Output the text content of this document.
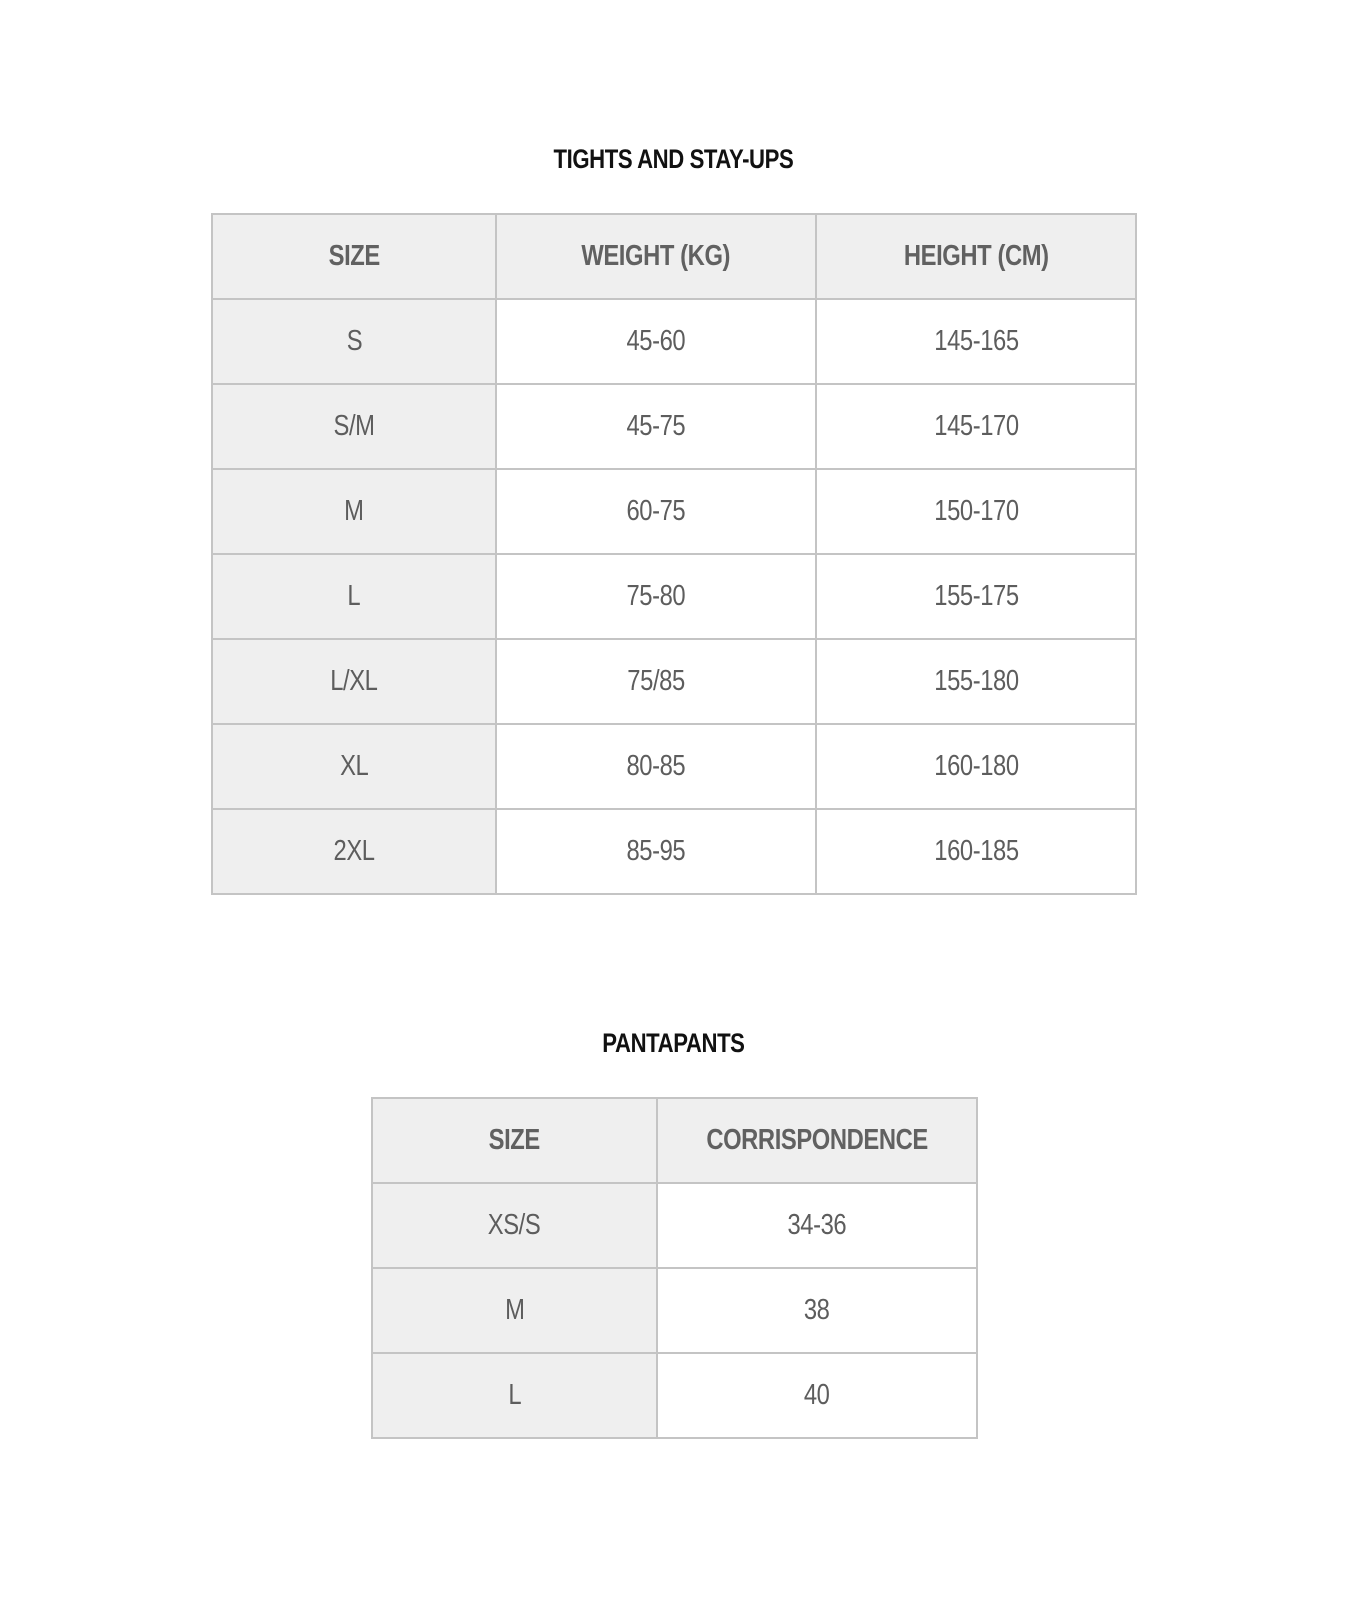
TIGHTS AND STAY-UPS
SIZE	WEIGHT (KG)	HEIGHT (CM)
S	45-60	145-165
S/M	45-75	145-170
M	60-75	150-170
L	75-80	155-175
L/XL	75/85	155-180
XL	80-85	160-180
2XL	85-95	160-185
PANTAPANTS
SIZE	CORRISPONDENCE
XS/S	34-36
M	38
L	40
